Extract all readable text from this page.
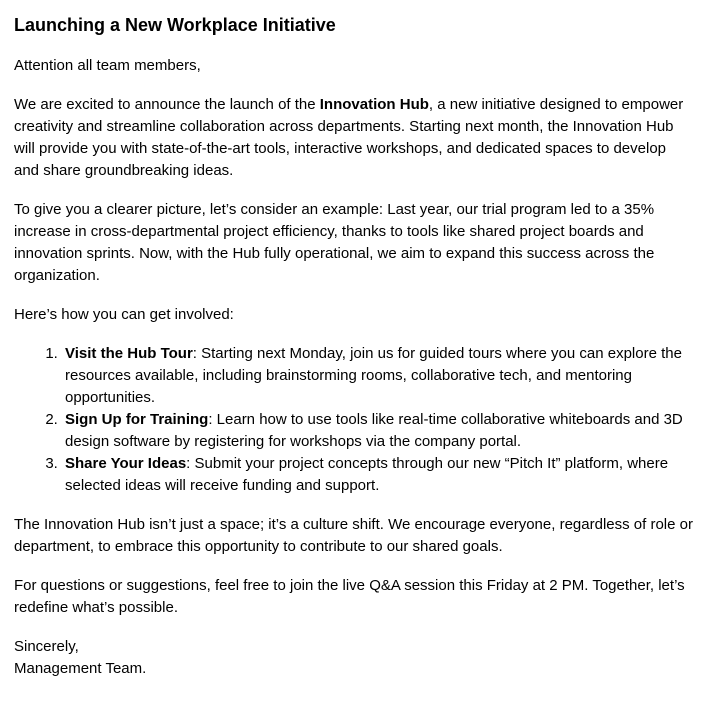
Launching a New Workplace Initiative

Attention all team members,

We are excited to announce the launch of the Innovation Hub, a new initiative designed to empower creativity and streamline collaboration across departments. Starting next month, the Innovation Hub will provide you with state-of-the-art tools, interactive workshops, and dedicated spaces to develop and share groundbreaking ideas.

To give you a clearer picture, let’s consider an example: Last year, our trial program led to a 35% increase in cross-departmental project efficiency, thanks to tools like shared project boards and innovation sprints. Now, with the Hub fully operational, we aim to expand this success across the organization.

Here’s how you can get involved:

1. Visit the Hub Tour: Starting next Monday, join us for guided tours where you can explore the resources available, including brainstorming rooms, collaborative tech, and mentoring opportunities.
2. Sign Up for Training: Learn how to use tools like real-time collaborative whiteboards and 3D design software by registering for workshops via the company portal.
3. Share Your Ideas: Submit your project concepts through our new “Pitch It” platform, where selected ideas will receive funding and support.

The Innovation Hub isn’t just a space; it’s a culture shift. We encourage everyone, regardless of role or department, to embrace this opportunity to contribute to our shared goals.

For questions or suggestions, feel free to join the live Q&A session this Friday at 2 PM. Together, let’s redefine what’s possible.

Sincerely,
Management Team.
